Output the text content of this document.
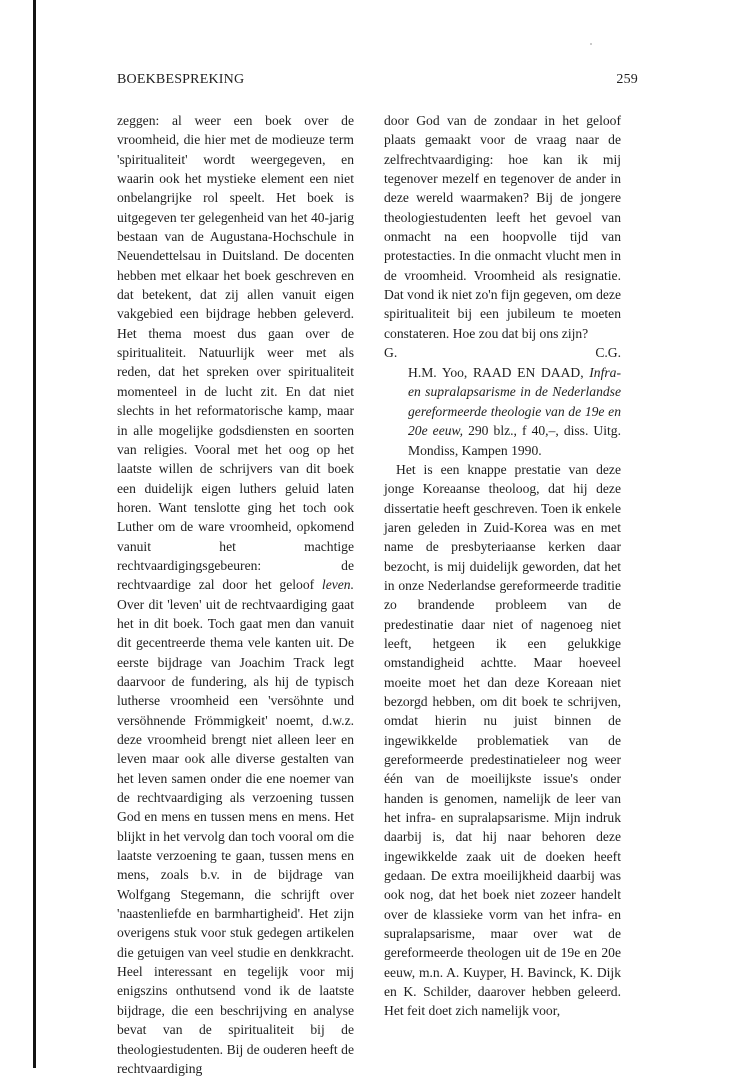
BOEKBESPREKING	259

zeggen: al weer een boek over de vroomheid, die hier met de modieuze term 'spiritualiteit' wordt weergegeven, en waarin ook het mystieke element een niet onbelangrijke rol speelt. Het boek is uitgegeven ter gelegenheid van het 40-jarig bestaan van de Augustana-Hochschule in Neuendettelsau in Duitsland. De docenten hebben met elkaar het boek geschreven en dat betekent, dat zij allen vanuit eigen vakgebied een bijdrage hebben geleverd. Het thema moest dus gaan over de spiritualiteit. Natuurlijk weer met als reden, dat het spreken over spiritualiteit momenteel in de lucht zit. En dat niet slechts in het reformatorische kamp, maar in alle mogelijke godsdiensten en soorten van religies. Vooral met het oog op het laatste willen de schrijvers van dit boek een duidelijk eigen luthers geluid laten horen. Want tenslotte ging het toch ook Luther om de ware vroomheid, opkomend vanuit het machtige rechtvaardigingsgebeuren: de rechtvaardige zal door het geloof leven. Over dit 'leven' uit de rechtvaardiging gaat het in dit boek. Toch gaat men dan vanuit dit gecentreerde thema vele kanten uit. De eerste bijdrage van Joachim Track legt daarvoor de fundering, als hij de typisch lutherse vroomheid een 'versöhnte und versöhnende Frömmigkeit' noemt, d.w.z. deze vroomheid brengt niet alleen leer en leven maar ook alle diverse gestalten van het leven samen onder die ene noemer van de rechtvaardiging als verzoening tussen God en mens en tussen mens en mens. Het blijkt in het vervolg dan toch vooral om die laatste verzoening te gaan, tussen mens en mens, zoals b.v. in de bijdrage van Wolfgang Stegemann, die schrijft over 'naastenliefde en barmhartigheid'. Het zijn overigens stuk voor stuk gedegen artikelen die getuigen van veel studie en denkkracht. Heel interessant en tegelijk voor mij enigszins onthutsend vond ik de laatste bijdrage, die een beschrijving en analyse bevat van de spiritualiteit bij de theologiestudenten. Bij de ouderen heeft de rechtvaardiging

door God van de zondaar in het geloof plaats gemaakt voor de vraag naar de zelfrechtvaardiging: hoe kan ik mij tegenover mezelf en tegenover de ander in deze wereld waarmaken? Bij de jongere theologiestudenten leeft het gevoel van onmacht na een hoopvolle tijd van protestacties. In die onmacht vlucht men in de vroomheid. Vroomheid als resignatie. Dat vond ik niet zo'n fijn gegeven, om deze spiritualiteit bij een jubileum te moeten constateren. Hoe zou dat bij ons zijn?

G.	C.G.

H.M. Yoo, RAAD EN DAAD, Infra- en supralapsarisme in de Nederlandse gereformeerde theologie van de 19e en 20e eeuw, 290 blz., f 40,–, diss. Uitg. Mondiss, Kampen 1990.

Het is een knappe prestatie van deze jonge Koreaanse theoloog, dat hij deze dissertatie heeft geschreven. Toen ik enkele jaren geleden in Zuid-Korea was en met name de presbyteriaanse kerken daar bezocht, is mij duidelijk geworden, dat het in onze Nederlandse gereformeerde traditie zo brandende probleem van de predestinatie daar niet of nagenoeg niet leeft, hetgeen ik een gelukkige omstandigheid achtte. Maar hoeveel moeite moet het dan deze Koreaan niet bezorgd hebben, om dit boek te schrijven, omdat hierin nu juist binnen de ingewikkelde problematiek van de gereformeerde predestinatieleer nog weer één van de moeilijkste issue's onder handen is genomen, namelijk de leer van het infra- en supralapsarisme. Mijn indruk daarbij is, dat hij naar behoren deze ingewikkelde zaak uit de doeken heeft gedaan. De extra moeilijkheid daarbij was ook nog, dat het boek niet zozeer handelt over de klassieke vorm van het infra- en supralapsarisme, maar over wat de gereformeerde theologen uit de 19e en 20e eeuw, m.n. A. Kuyper, H. Bavinck, K. Dijk en K. Schilder, daarover hebben geleerd. Het feit doet zich namelijk voor,
